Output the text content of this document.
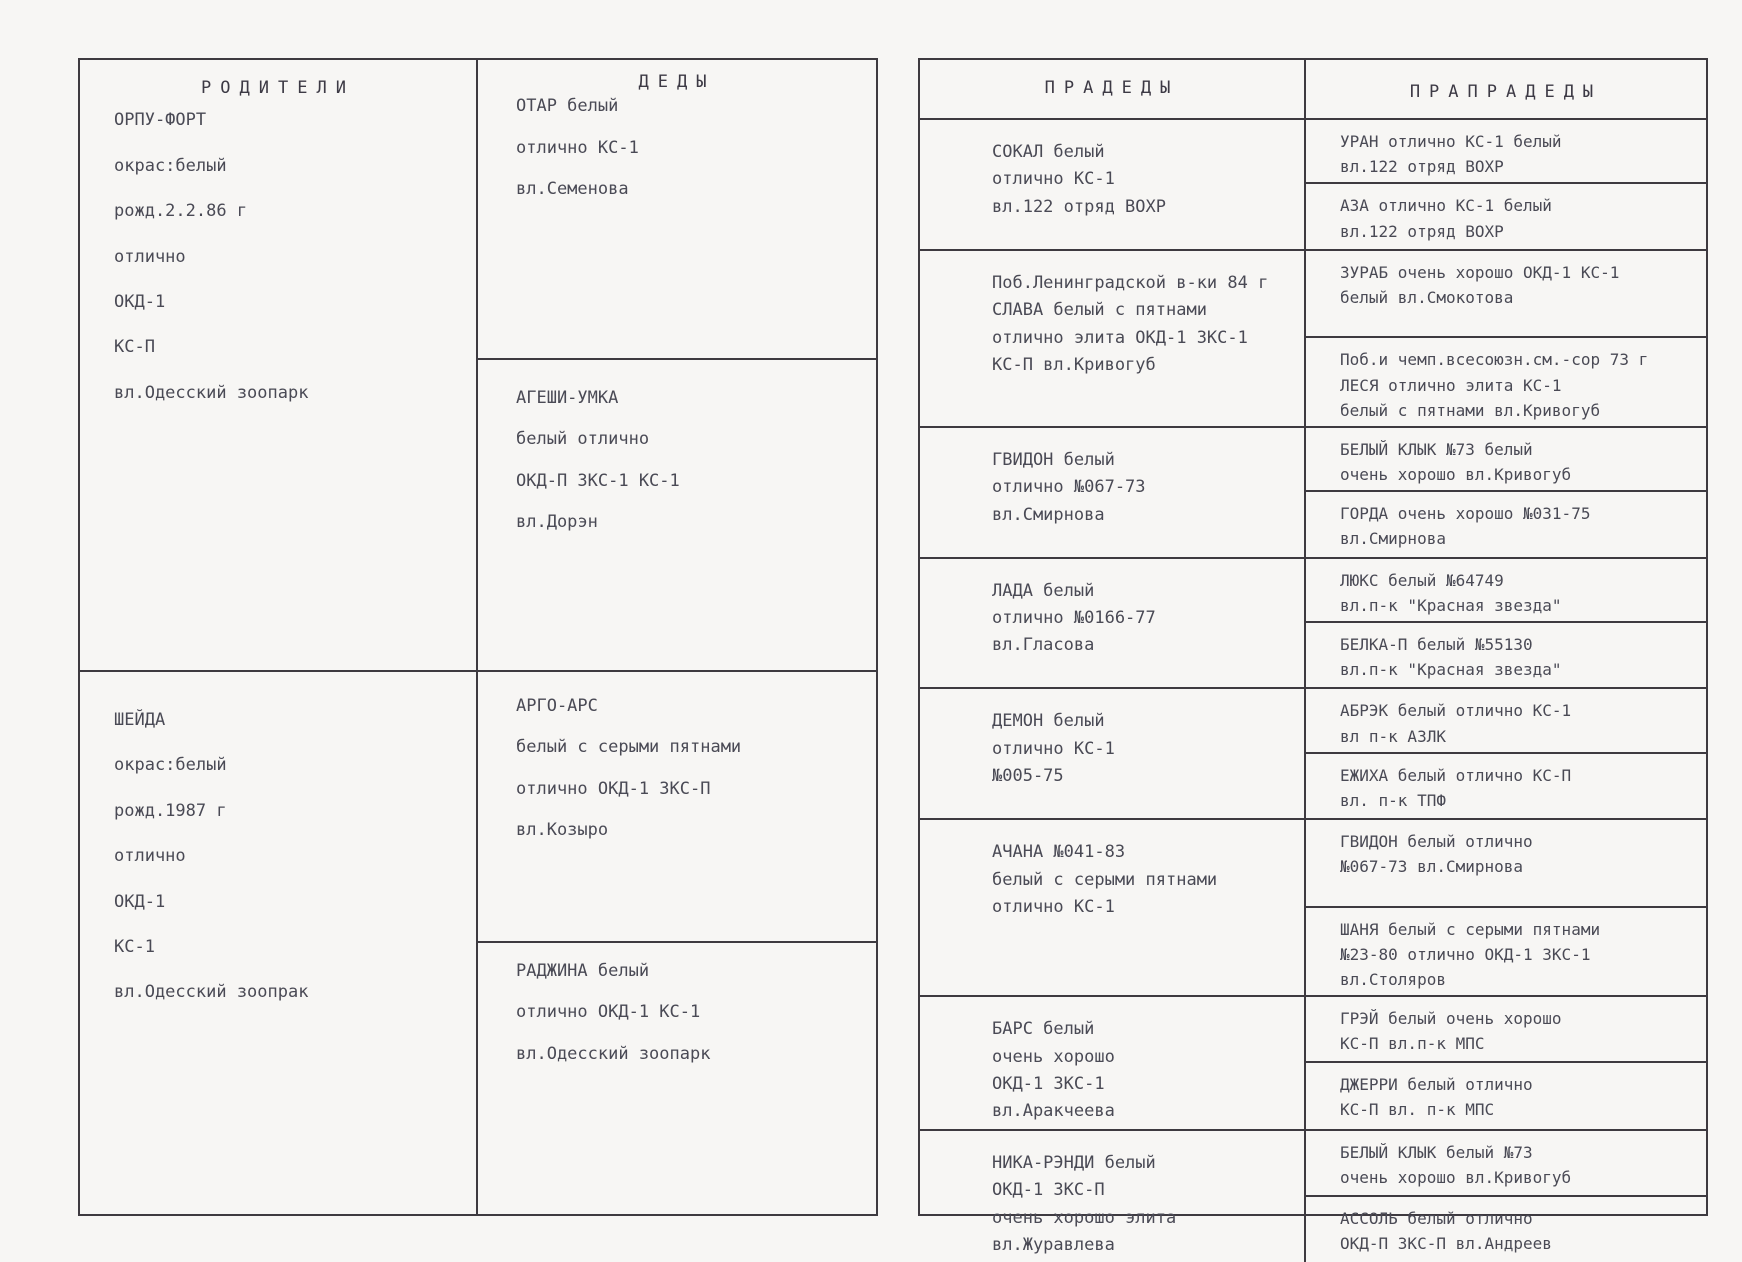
РОДИТЕЛИ
ОРПУ-ФОРТ
окрас:белый
рожд.2.2.86 г
отлично
ОКД-1
КС-П
вл.Одесский зоопарк
ДЕДЫ
ОТАР белый
отлично КС-1
вл.Семенова
АГЕШИ-УМКА
белый отлично
ОКД-П ЗКС-1 КС-1
вл.Дорэн
ШЕЙДА
окрас:белый
рожд.1987 г
отлично
ОКД-1
КС-1
вл.Одесский зоопрак
АРГО-АРС
белый с серыми пятнами
отлично ОКД-1 ЗКС-П
вл.Козыро
РАДЖИНА белый
отлично ОКД-1 КС-1
вл.Одесский зоопарк
ПРАДЕДЫ	ПРАПРАДЕДЫ
СОКАЛ белый
отлично КС-1
вл.122 отряд ВОХР
УРАН отлично КС-1 белый
вл.122 отряд ВОХР
АЗА отлично КС-1 белый
вл.122 отряд ВОХР
Поб.Ленинградской в-ки 84 г
СЛАВА белый с пятнами
отлично элита ОКД-1 ЗКС-1
КС-П вл.Кривогуб
ЗУРАБ очень хорошо ОКД-1 КС-1
белый вл.Смокотова
Поб.и чемп.всесоюзн.см.-сор 73 г
ЛЕСЯ отлично элита КС-1
белый с пятнами вл.Кривогуб
ГВИДОН белый
отлично №067-73
вл.Смирнова
БЕЛЫЙ КЛЫК №73 белый
очень хорошо вл.Кривогуб
ГОРДА очень хорошо №031-75
вл.Смирнова
ЛАДА белый
отлично №0166-77
вл.Гласова
ЛЮКС белый №64749
вл.п-к "Красная звезда"
БЕЛКА-П белый №55130
вл.п-к "Красная звезда"
ДЕМОН белый
отлично КС-1
№005-75
АБРЭК белый отлично КС-1
вл п-к АЗЛК
ЕЖИХА белый отлично КС-П
вл. п-к ТПФ
АЧАНА №041-83
белый с серыми пятнами
отлично КС-1
ГВИДОН белый отлично
№067-73 вл.Смирнова
ШАНЯ белый с серыми пятнами
№23-80 отлично ОКД-1 ЗКС-1
вл.Столяров
БАРС белый
очень хорошо
ОКД-1 ЗКС-1
вл.Аракчеева
ГРЭЙ белый очень хорошо
КС-П вл.п-к МПС
ДЖЕРРИ белый отлично
КС-П вл. п-к МПС
НИКА-РЭНДИ белый
ОКД-1 ЗКС-П
очень хорошо элита
вл.Журавлева
БЕЛЫЙ КЛЫК белый №73
очень хорошо вл.Кривогуб
АССОЛЬ белый отлично
ОКД-П ЗКС-П вл.Андреев
